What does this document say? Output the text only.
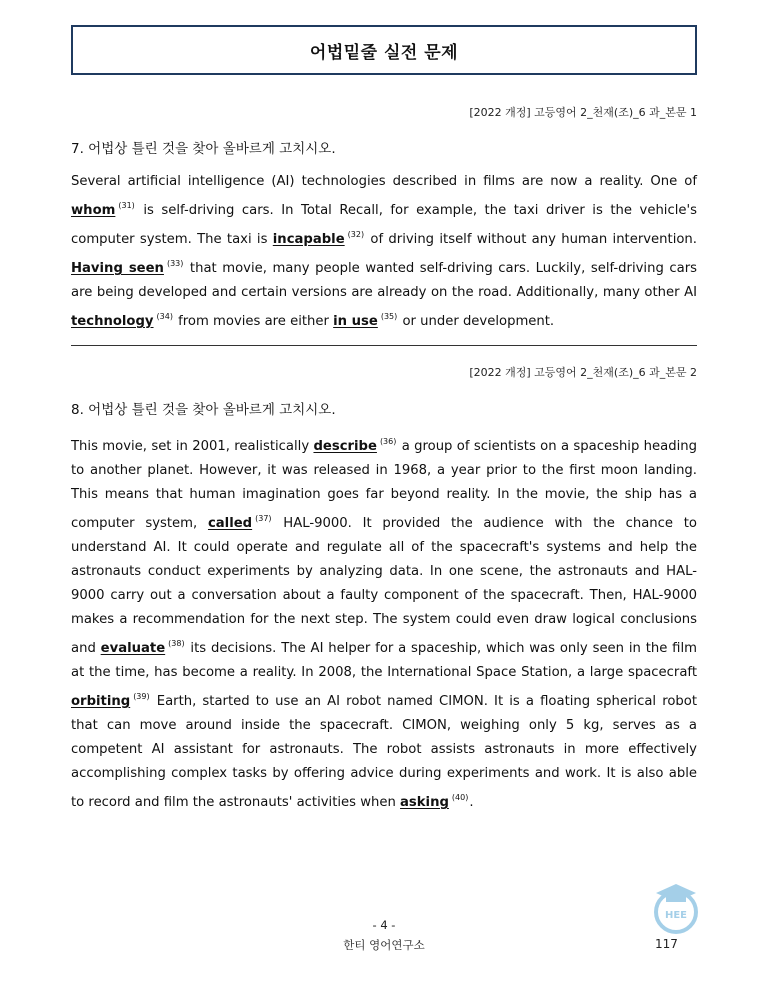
어법밑줄 실전 문제
[2022 개정] 고등영어 2_천재(조)_6 과_본문 1
7. 어법상 틀린 것을 찾아 올바르게 고치시오.
Several artificial intelligence (AI) technologies described in films are now a reality. One of whom $^{(31)}$ is self-driving cars. In Total Recall, for example, the taxi driver is the vehicle's computer system. The taxi is incapable $^{(32)}$ of driving itself without any human intervention. Having seen $^{(33)}$ that movie, many people wanted self-driving cars. Luckily, self-driving cars are being developed and certain versions are already on the road. Additionally, many other AI technology $^{(34)}$ from movies are either in use $^{(35)}$ or under development.
[2022 개정] 고등영어 2_천재(조)_6 과_본문 2
8. 어법상 틀린 것을 찾아 올바르게 고치시오.
This movie, set in 2001, realistically describe $^{(36)}$ a group of scientists on a spaceship heading to another planet. However, it was released in 1968, a year prior to the first moon landing. This means that human imagination goes far beyond reality. In the movie, the ship has a computer system, called $^{(37)}$ HAL-9000. It provided the audience with the chance to understand AI. It could operate and regulate all of the spacecraft's systems and help the astronauts conduct experiments by analyzing data. In one scene, the astronauts and HAL-9000 carry out a conversation about a faulty component of the spacecraft. Then, HAL-9000 makes a recommendation for the next step. The system could even draw logical conclusions and evaluate $^{(38)}$ its decisions. The AI helper for a spaceship, which was only seen in the film at the time, has become a reality. In 2008, the International Space Station, a large spacecraft orbiting $^{(39)}$ Earth, started to use an AI robot named CIMON. It is a floating spherical robot that can move around inside the spacecraft. CIMON, weighing only 5 kg, serves as a competent AI assistant for astronauts. The robot assists astronauts in more effectively accomplishing complex tasks by offering advice during experiments and work. It is also able to record and film the astronauts' activities when asking $^{(40)}$.
- 4 -
한티 영어연구소	117
HEE
